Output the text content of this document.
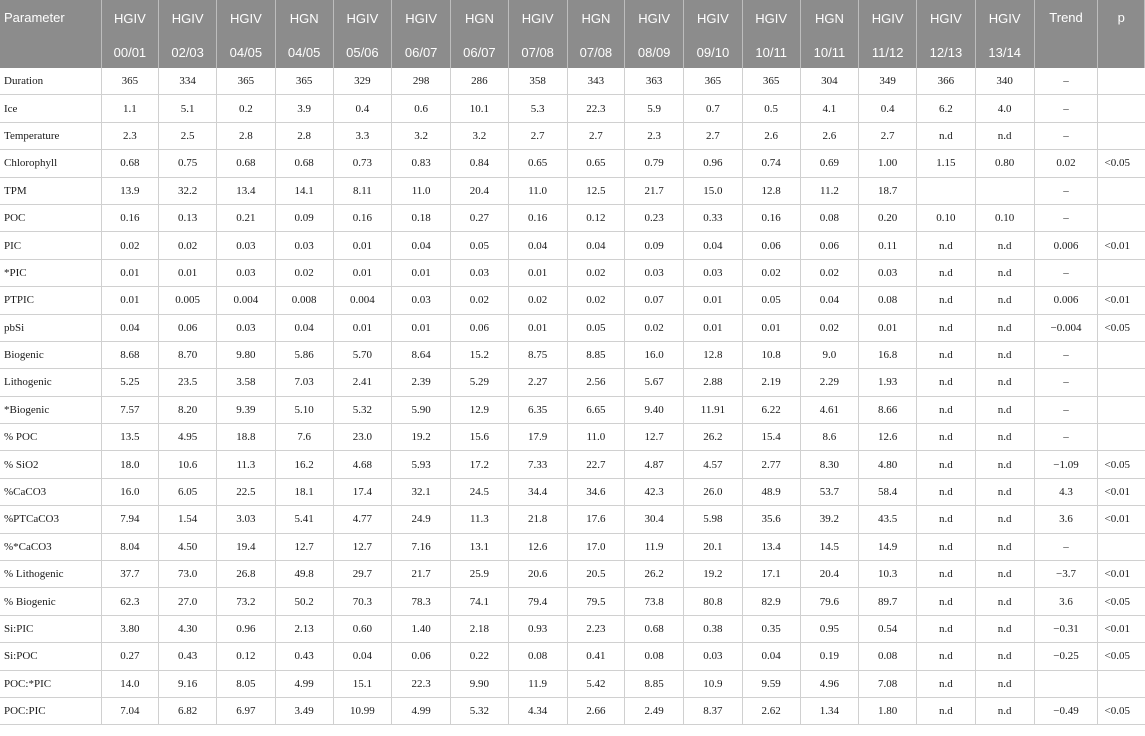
Parameter	HGIV	HGIV	HGIV	HGN	HGIV	HGIV	HGN	HGIV	HGN	HGIV	HGIV	HGIV	HGN	HGIV	HGIV	HGIV	Trend	p
	00/01	02/03	04/05	04/05	05/06	06/07	06/07	07/08	07/08	08/09	09/10	10/11	10/11	11/12	12/13	13/14		
Duration	365	334	365	365	329	298	286	358	343	363	365	365	304	349	366	340	–	
Ice	1.1	5.1	0.2	3.9	0.4	0.6	10.1	5.3	22.3	5.9	0.7	0.5	4.1	0.4	6.2	4.0	–	
Temperature	2.3	2.5	2.8	2.8	3.3	3.2	3.2	2.7	2.7	2.3	2.7	2.6	2.6	2.7	n.d	n.d	–	
Chlorophyll	0.68	0.75	0.68	0.68	0.73	0.83	0.84	0.65	0.65	0.79	0.96	0.74	0.69	1.00	1.15	0.80	0.02	<0.05
TPM	13.9	32.2	13.4	14.1	8.11	11.0	20.4	11.0	12.5	21.7	15.0	12.8	11.2	18.7			–	
POC	0.16	0.13	0.21	0.09	0.16	0.18	0.27	0.16	0.12	0.23	0.33	0.16	0.08	0.20	0.10	0.10	–	
PIC	0.02	0.02	0.03	0.03	0.01	0.04	0.05	0.04	0.04	0.09	0.04	0.06	0.06	0.11	n.d	n.d	0.006	<0.01
*PIC	0.01	0.01	0.03	0.02	0.01	0.01	0.03	0.01	0.02	0.03	0.03	0.02	0.02	0.03	n.d	n.d	–	
PTPIC	0.01	0.005	0.004	0.008	0.004	0.03	0.02	0.02	0.02	0.07	0.01	0.05	0.04	0.08	n.d	n.d	0.006	<0.01
pbSi	0.04	0.06	0.03	0.04	0.01	0.01	0.06	0.01	0.05	0.02	0.01	0.01	0.02	0.01	n.d	n.d	−0.004	<0.05
Biogenic	8.68	8.70	9.80	5.86	5.70	8.64	15.2	8.75	8.85	16.0	12.8	10.8	9.0	16.8	n.d	n.d	–	
Lithogenic	5.25	23.5	3.58	7.03	2.41	2.39	5.29	2.27	2.56	5.67	2.88	2.19	2.29	1.93	n.d	n.d	–	
*Biogenic	7.57	8.20	9.39	5.10	5.32	5.90	12.9	6.35	6.65	9.40	11.91	6.22	4.61	8.66	n.d	n.d	–	
% POC	13.5	4.95	18.8	7.6	23.0	19.2	15.6	17.9	11.0	12.7	26.2	15.4	8.6	12.6	n.d	n.d	–	
% SiO2	18.0	10.6	11.3	16.2	4.68	5.93	17.2	7.33	22.7	4.87	4.57	2.77	8.30	4.80	n.d	n.d	−1.09	<0.05
%CaCO3	16.0	6.05	22.5	18.1	17.4	32.1	24.5	34.4	34.6	42.3	26.0	48.9	53.7	58.4	n.d	n.d	4.3	<0.01
%PTCaCO3	7.94	1.54	3.03	5.41	4.77	24.9	11.3	21.8	17.6	30.4	5.98	35.6	39.2	43.5	n.d	n.d	3.6	<0.01
%*CaCO3	8.04	4.50	19.4	12.7	12.7	7.16	13.1	12.6	17.0	11.9	20.1	13.4	14.5	14.9	n.d	n.d	–	
% Lithogenic	37.7	73.0	26.8	49.8	29.7	21.7	25.9	20.6	20.5	26.2	19.2	17.1	20.4	10.3	n.d	n.d	−3.7	<0.01
% Biogenic	62.3	27.0	73.2	50.2	70.3	78.3	74.1	79.4	79.5	73.8	80.8	82.9	79.6	89.7	n.d	n.d	3.6	<0.05
Si:PIC	3.80	4.30	0.96	2.13	0.60	1.40	2.18	0.93	2.23	0.68	0.38	0.35	0.95	0.54	n.d	n.d	−0.31	<0.01
Si:POC	0.27	0.43	0.12	0.43	0.04	0.06	0.22	0.08	0.41	0.08	0.03	0.04	0.19	0.08	n.d	n.d	−0.25	<0.05
POC:*PIC	14.0	9.16	8.05	4.99	15.1	22.3	9.90	11.9	5.42	8.85	10.9	9.59	4.96	7.08	n.d	n.d		
POC:PIC	7.04	6.82	6.97	3.49	10.99	4.99	5.32	4.34	2.66	2.49	8.37	2.62	1.34	1.80	n.d	n.d	−0.49	<0.05
